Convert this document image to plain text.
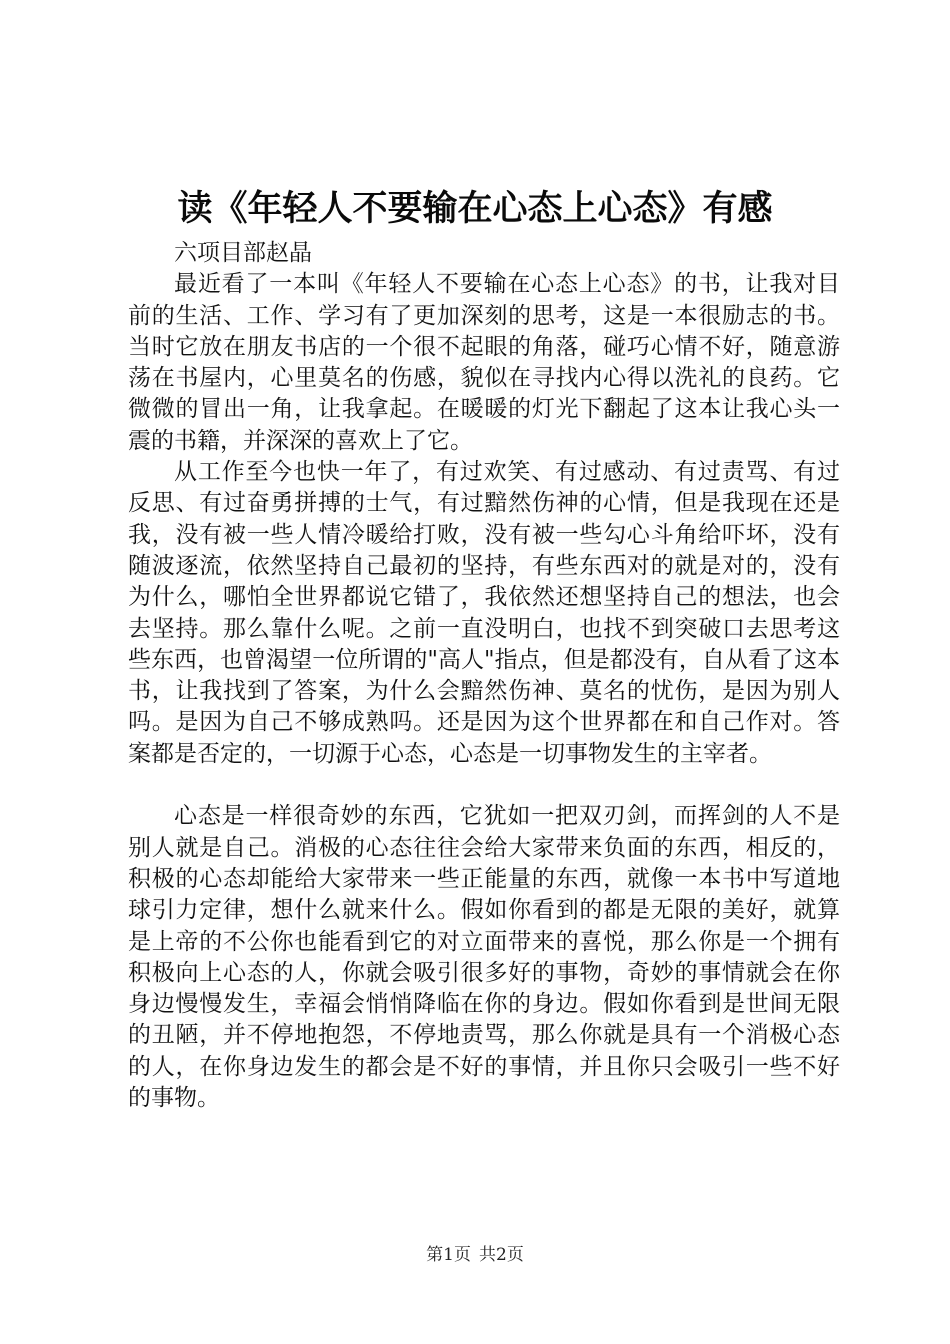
读《年轻人不要输在心态上心态》有感

六项目部赵晶

最近看了一本叫《年轻人不要输在心态上心态》的书，让我对目前的生活、工作、学习有了更加深刻的思考，这是一本很励志的书。当时它放在朋友书店的一个很不起眼的角落，碰巧心情不好，随意游荡在书屋内，心里莫名的伤感，貌似在寻找内心得以洗礼的良药。它微微的冒出一角，让我拿起。在暖暖的灯光下翻起了这本让我心头一震的书籍，并深深的喜欢上了它。

从工作至今也快一年了，有过欢笑、有过感动、有过责骂、有过反思、有过奋勇拼搏的士气，有过黯然伤神的心情，但是我现在还是我，没有被一些人情冷暖给打败，没有被一些勾心斗角给吓坏，没有随波逐流，依然坚持自己最初的坚持，有些东西对的就是对的，没有为什么，哪怕全世界都说它错了，我依然还想坚持自己的想法，也会去坚持。那么靠什么呢。之前一直没明白，也找不到突破口去思考这些东西，也曾渴望一位所谓的"高人"指点，但是都没有，自从看了这本书，让我找到了答案，为什么会黯然伤神、莫名的忧伤，是因为别人吗。是因为自己不够成熟吗。还是因为这个世界都在和自己作对。答案都是否定的，一切源于心态，心态是一切事物发生的主宰者。

心态是一样很奇妙的东西，它犹如一把双刃剑，而挥剑的人不是别人就是自己。消极的心态往往会给大家带来负面的东西，相反的，积极的心态却能给大家带来一些正能量的东西，就像一本书中写道地球引力定律，想什么就来什么。假如你看到的都是无限的美好，就算是上帝的不公你也能看到它的对立面带来的喜悦，那么你是一个拥有积极向上心态的人，你就会吸引很多好的事物，奇妙的事情就会在你身边慢慢发生，幸福会悄悄降临在你的身边。假如你看到是世间无限的丑陋，并不停地抱怨，不停地责骂，那么你就是具有一个消极心态的人，在你身边发生的都会是不好的事情，并且你只会吸引一些不好的事物。

第1页 共2页
